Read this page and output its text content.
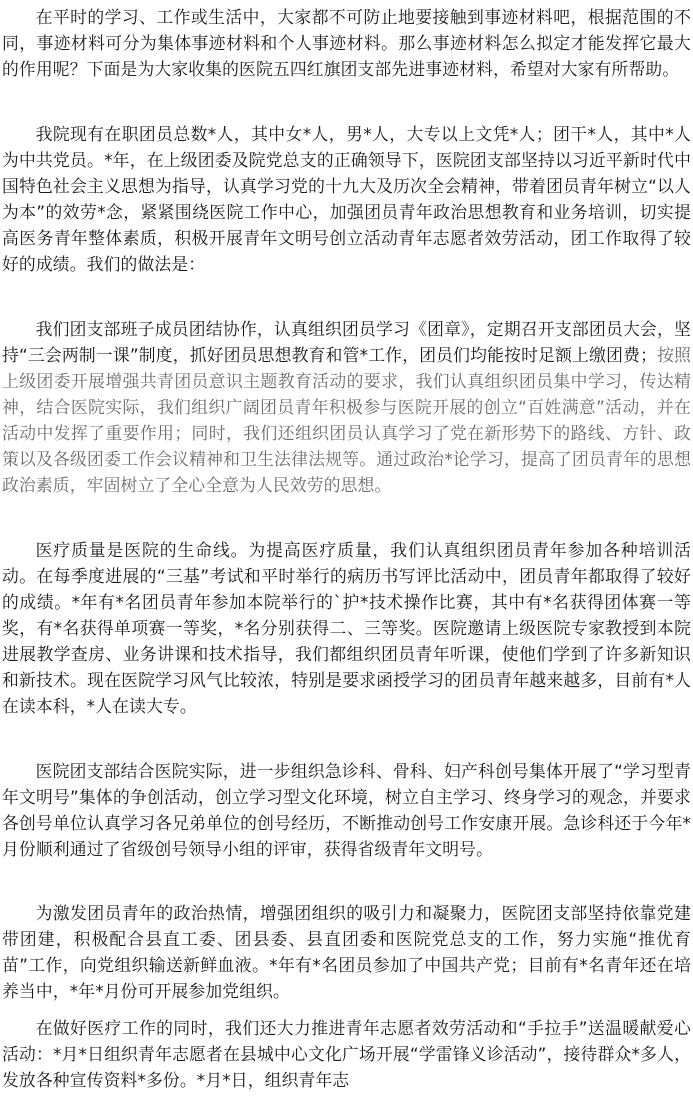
在平时的学习、工作或生活中，大家都不可防止地要接触到事迹材料吧，根据范围的不同，事迹材料可分为集体事迹材料和个人事迹材料。那么事迹材料怎么拟定才能发挥它最大的作用呢？下面是为大家收集的医院五四红旗团支部先进事迹材料，希望对大家有所帮助。

我院现有在职团员总数*人，其中女*人，男*人，大专以上文凭*人；团干*人，其中*人为中共党员。*年，在上级团委及院党总支的正确领导下，医院团支部坚持以习近平新时代中国特色社会主义思想为指导，认真学习党的十九大及历次全会精神，带着团员青年树立“以人为本”的效劳*念，紧紧围绕医院工作中心，加强团员青年政治思想教育和业务培训，切实提高医务青年整体素质，积极开展青年文明号创立活动青年志愿者效劳活动，团工作取得了较好的成绩。我们的做法是：

我们团支部班子成员团结协作，认真组织团员学习《团章》，定期召开支部团员大会，坚持“三会两制一课”制度，抓好团员思想教育和管*工作，团员们均能按时足额上缴团费；按照上级团委开展增强共青团员意识主题教育活动的要求，我们认真组织团员集中学习，传达精神，结合医院实际，我们组织广阔团员青年积极参与医院开展的创立“百姓满意”活动，并在活动中发挥了重要作用；同时，我们还组织团员认真学习了党在新形势下的路线、方针、政策以及各级团委工作会议精神和卫生法律法规等。通过政治*论学习，提高了团员青年的思想政治素质，牢固树立了全心全意为人民效劳的思想。

医疗质量是医院的生命线。为提高医疗质量，我们认真组织团员青年参加各种培训活动。在每季度进展的“三基”考试和平时举行的病历书写评比活动中，团员青年都取得了较好的成绩。*年有*名团员青年参加本院举行的`护*技术操作比赛，其中有*名获得团体赛一等奖，有*名获得单项赛一等奖，*名分别获得二、三等奖。医院邀请上级医院专家教授到本院进展教学查房、业务讲课和技术指导，我们都组织团员青年听课，使他们学到了许多新知识和新技术。现在医院学习风气比较浓，特别是要求函授学习的团员青年越来越多，目前有*人在读本科，*人在读大专。

医院团支部结合医院实际，进一步组织急诊科、骨科、妇产科创号集体开展了“学习型青年文明号”集体的争创活动，创立学习型文化环境，树立自主学习、终身学习的观念，并要求各创号单位认真学习各兄弟单位的创号经历，不断推动创号工作安康开展。急诊科还于今年*月份顺利通过了省级创号领导小组的评审，获得省级青年文明号。

为激发团员青年的政治热情，增强团组织的吸引力和凝聚力，医院团支部坚持依靠党建带团建，积极配合县直工委、团县委、县直团委和医院党总支的工作，努力实施“推优育苗”工作，向党组织输送新鲜血液。*年有*名团员参加了中国共产党；目前有*名青年还在培养当中，*年*月份可开展参加党组织。

在做好医疗工作的同时，我们还大力推进青年志愿者效劳活动和“手拉手”送温暖献爱心活动：*月*日组织青年志愿者在县城中心文化广场开展“学雷锋义诊活动”，接待群众*多人，发放各种宣传资料*多份。*月*日，组织青年志
